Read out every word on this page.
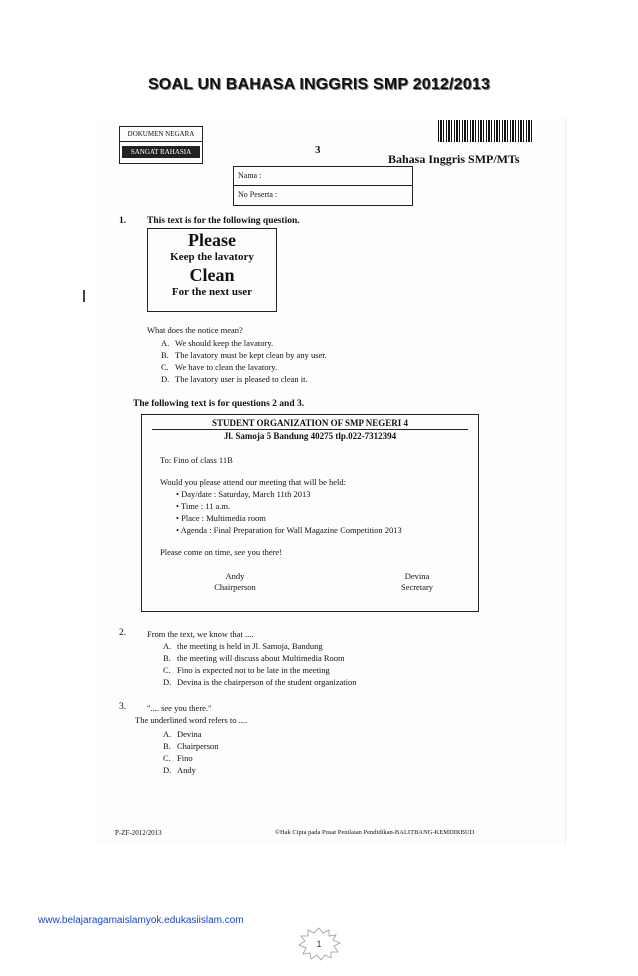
SOAL UN BAHASA INGGRIS SMP 2012/2013
DOKUMEN NEGARA
SANGAT RAHASIA	3
Bahasa Inggris SMP/MTs
Nama :
No Peserta :
1. This text is for the following question.
Please
Keep the lavatory
Clean
For the next user
What does the notice mean?
A. We should keep the lavatory.
B. The lavatory must be kept clean by any user.
C. We have to clean the lavatory.
D. The lavatory user is pleased to clean it.
The following text is for questions 2 and 3.
STUDENT ORGANIZATION OF SMP NEGERI 4
Jl. Samoja 5 Bandung 40275 tlp.022-7312394
To: Fino of class 11B
Would you please attend our meeting that will be held:
• Day/date : Saturday, March 11th 2013
• Time : 11 a.m.
• Place : Multimedia room
• Agenda : Final Preparation for Wall Magazine Competition 2013
Please come on time, see you there!
Andy
Chairperson
Devina
Secretary
2. From the text, we know that ....
A. the meeting is held in Jl. Samoja, Bandung
B. the meeting will discuss about Multimedia Room
C. Fino is expected not to be late in the meeting
D. Devina is the chairperson of the student organization
3. ".... see you there."
The underlined word refers to ....
A. Devina
B. Chairperson
C. Fino
D. Andy
P-ZF-2012/2013	©Hak Cipta pada Pusat Penilaian Pendidikan-BALITBANG-KEMDIKBUD
www.belajaragamaislamyok.edukasiislam.com
1
